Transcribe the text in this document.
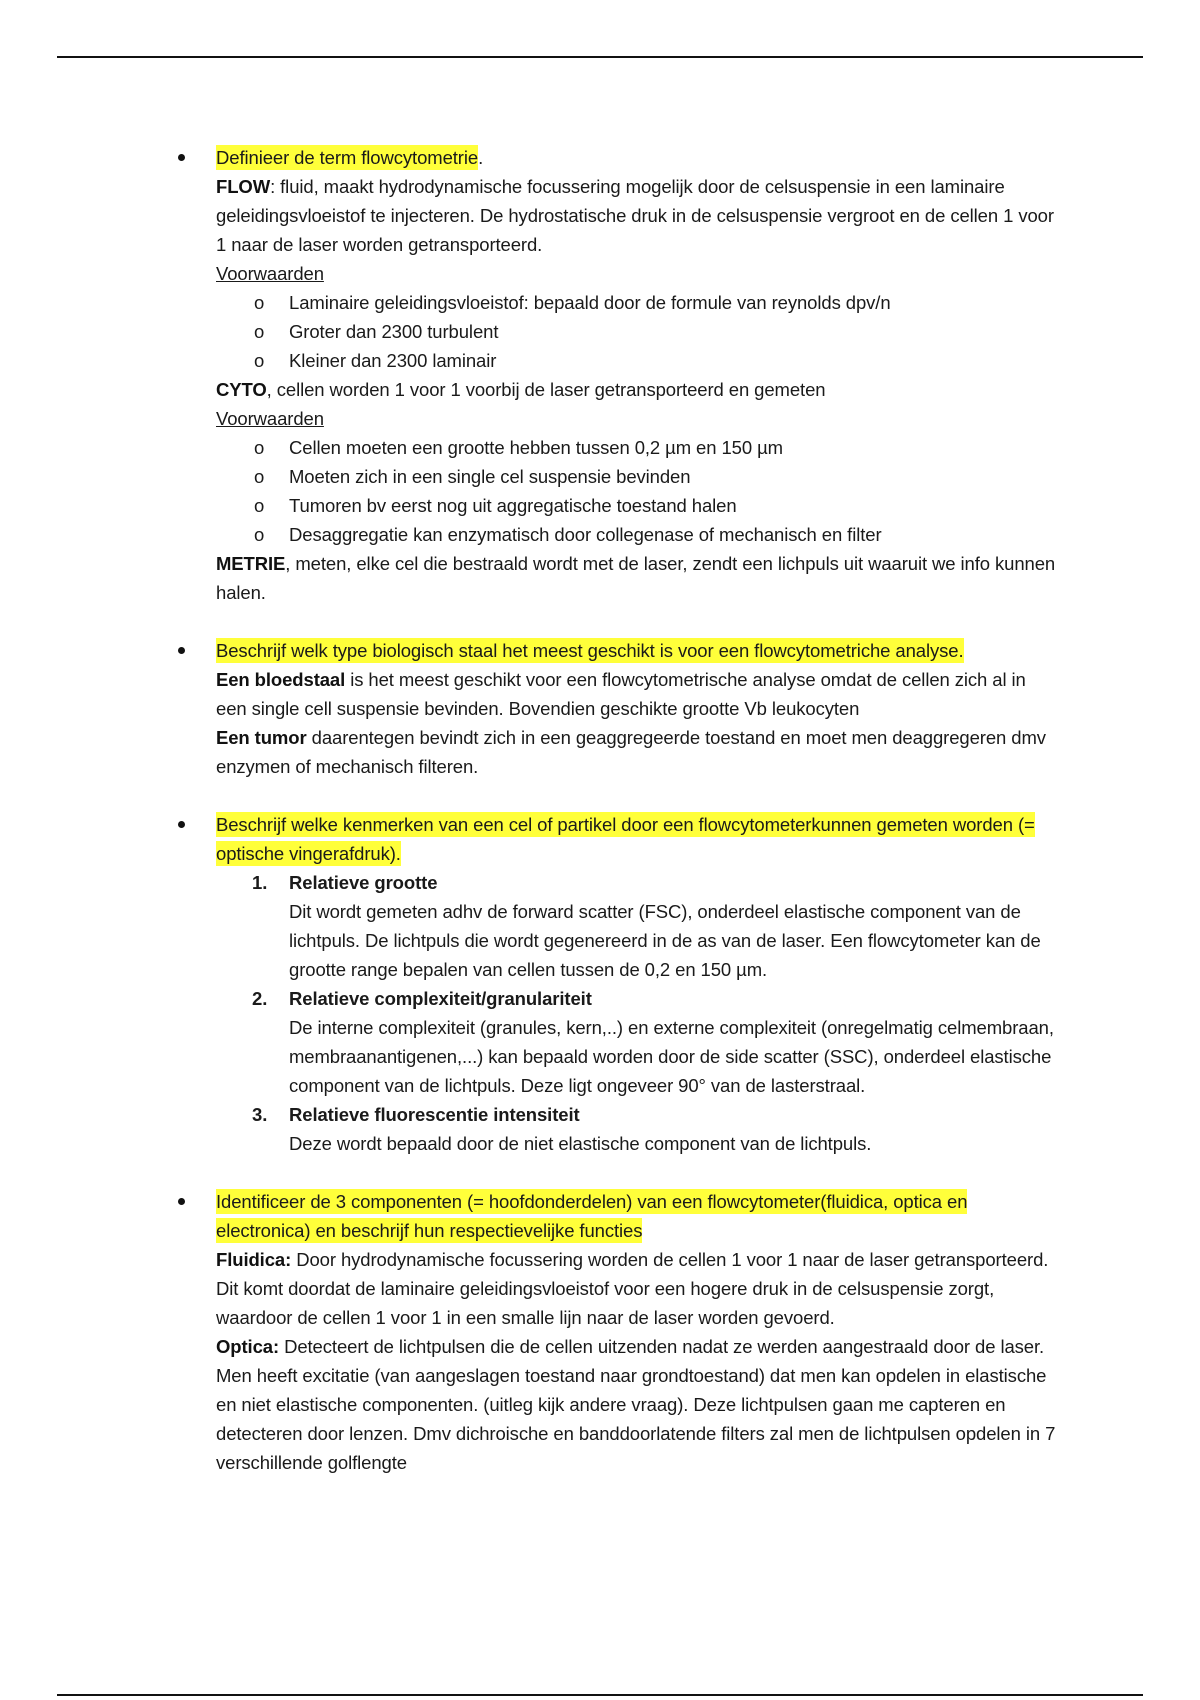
Definieer de term flowcytometrie.

FLOW: fluid, maakt hydrodynamische focussering mogelijk door de celsuspensie in een laminaire geleidingsvloeistof te injecteren. De hydrostatische druk in de celsuspensie vergroot en de cellen 1 voor 1 naar de laser worden getransporteerd.

Voorwaarden

o Laminaire geleidingsvloeistof: bepaald door de formule van reynolds dpv/n
o Groter dan 2300 turbulent
o Kleiner dan 2300 laminair

CYTO, cellen worden 1 voor 1 voorbij de laser getransporteerd en gemeten

Voorwaarden

o Cellen moeten een grootte hebben tussen 0,2 µm en 150 µm
o Moeten zich in een single cel suspensie bevinden
o Tumoren bv eerst nog uit aggregatische toestand halen
o Desaggregatie kan enzymatisch door collegenase of mechanisch en filter

METRIE, meten, elke cel die bestraald wordt met de laser, zendt een lichpuls uit waaruit we info kunnen halen.

Beschrijf welk type biologisch staal het meest geschikt is voor een flowcytometriche analyse.

Een bloedstaal is het meest geschikt voor een flowcytometrische analyse omdat de cellen zich al in een single cell suspensie bevinden. Bovendien geschikte grootte Vb leukocyten

Een tumor daarentegen bevindt zich in een geaggregeerde toestand en moet men deaggregeren dmv enzymen of mechanisch filteren.

Beschrijf welke kenmerken van een cel of partikel door een flowcytometerkunnen gemeten worden (= optische vingerafdruk).

1. Relatieve grootte

Dit wordt gemeten adhv de forward scatter (FSC), onderdeel elastische component van de lichtpuls. De lichtpuls die wordt gegenereerd in de as van de laser. Een flowcytometer kan de grootte range bepalen van cellen tussen de 0,2 en 150 µm.

2. Relatieve complexiteit/granulariteit

De interne complexiteit (granules, kern,..) en externe complexiteit (onregelmatig celmembraan, membraanantigenen,...) kan bepaald worden door de side scatter (SSC), onderdeel elastische component van de lichtpuls. Deze ligt ongeveer 90° van de lasterstraal.

3. Relatieve fluorescentie intensiteit

Deze wordt bepaald door de niet elastische component van de lichtpuls.

Identificeer de 3 componenten (= hoofdonderdelen) van een flowcytometer(fluidica, optica en electronica) en beschrijf hun respectievelijke functies

Fluidica: Door hydrodynamische focussering worden de cellen 1 voor 1 naar de laser getransporteerd. Dit komt doordat de laminaire geleidingsvloeistof voor een hogere druk in de celsuspensie zorgt, waardoor de cellen 1 voor 1 in een smalle lijn naar de laser worden gevoerd.

Optica: Detecteert de lichtpulsen die de cellen uitzenden nadat ze werden aangestraald door de laser. Men heeft excitatie (van aangeslagen toestand naar grondtoestand) dat men kan opdelen in elastische en niet elastische componenten. (uitleg kijk andere vraag). Deze lichtpulsen gaan me capteren en detecteren door lenzen. Dmv dichroische en banddoorlatende filters zal men de lichtpulsen opdelen in 7 verschillende golflengte
